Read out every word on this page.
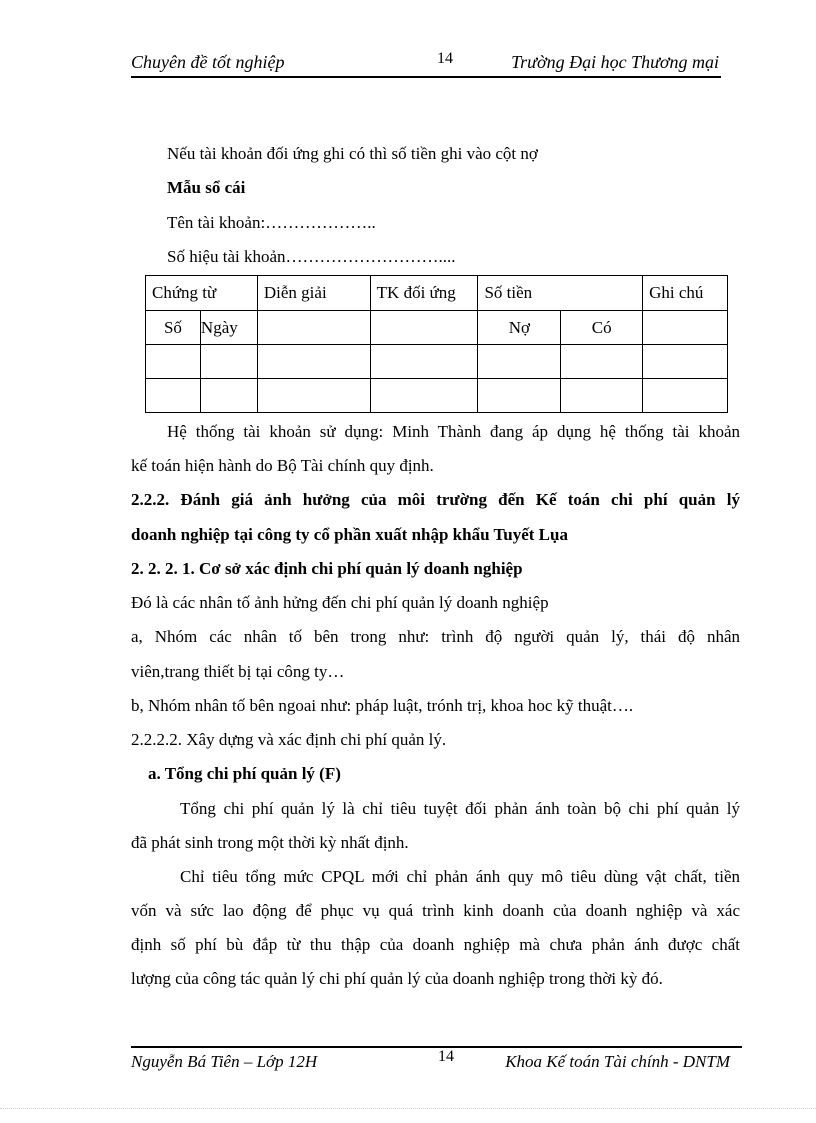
Chuyên đề tốt nghiệp	14	Trường Đại học Thương mại
Nếu tài khoản đối ứng ghi có thì số tiền ghi vào cột nợ
Mẫu sổ cái
Tên tài khoản:………………..
Số hiệu tài khoản………………………....
Chứng từ		Diễn giải	TK đối ứng	Số tiền		Ghi chú
Số	Ngày			Nợ	Có	

Hệ thống tài khoản sử dụng: Minh Thành đang áp dụng hệ thống tài khoản
kế toán hiện hành do Bộ Tài chính quy định.
2.2.2. Đánh giá ảnh hưởng của môi trường đến Kế toán chi phí quản lý
doanh nghiệp tại công ty cổ phần xuất nhập khẩu Tuyết Lụa
2. 2. 2. 1. Cơ sở xác định chi phí quản lý doanh nghiệp
Đó là các nhân tố ảnh hửng đến chi phí quản lý doanh nghiệp
a, Nhóm các nhân tố bên trong như: trình độ người quản lý, thái độ nhân
viên,trang thiết bị tại công ty…
b, Nhóm nhân tố bên ngoai như: pháp luật, trónh trị, khoa hoc kỹ thuật….
2.2.2.2. Xây dựng và xác định chi phí quản lý.
a. Tổng chi phí quản lý (F)
Tổng chi phí quản lý là chỉ tiêu tuyệt đối phản ánh toàn bộ chi phí quản lý
đã phát sinh trong một thời kỳ nhất định.
Chỉ tiêu tổng mức CPQL mới chỉ phản ánh quy mô tiêu dùng vật chất, tiền
vốn và sức lao động để phục vụ quá trình kinh doanh của doanh nghiệp và xác
định số phí bù đắp từ thu thập của doanh nghiệp mà chưa phản ánh được chất
lượng của công tác quản lý chi phí quản lý của doanh nghiệp trong thời kỳ đó.
Nguyễn Bá Tiên – Lớp 12H	14	Khoa Kế toán Tài chính - DNTM
